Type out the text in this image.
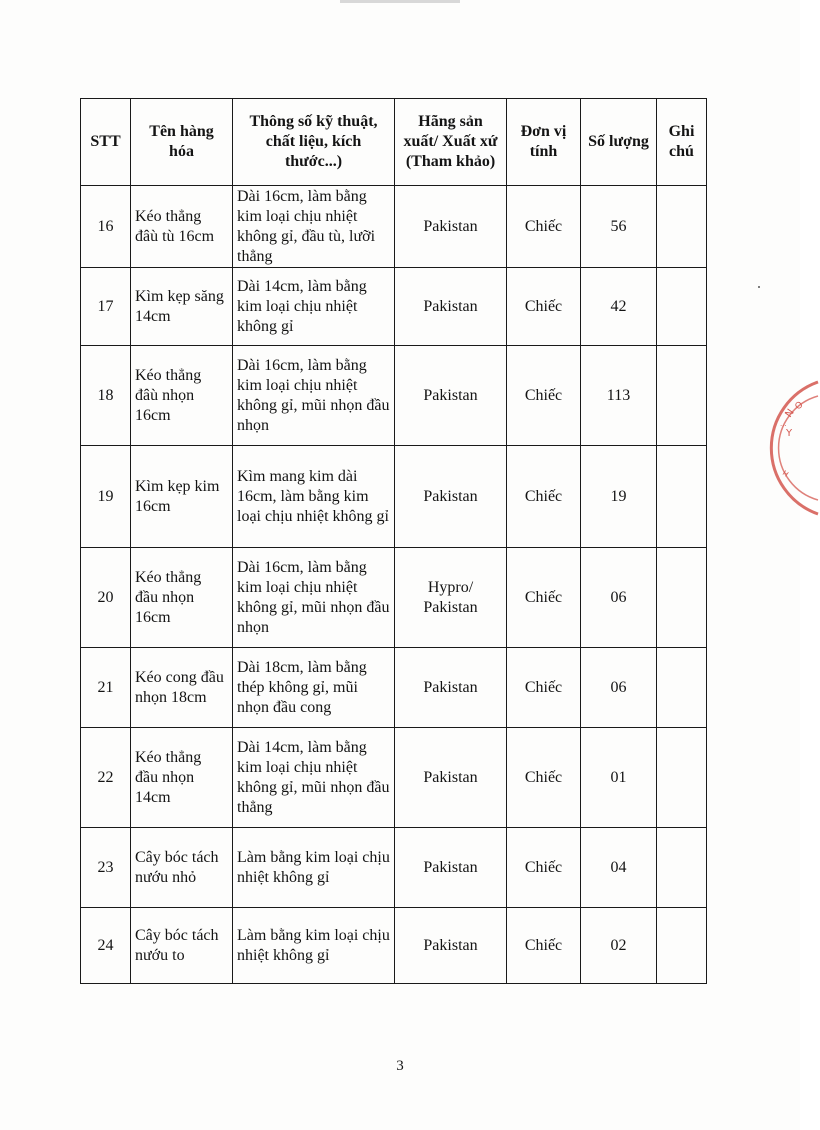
STT	Tên hàng hóa	Thông số kỹ thuật, chất liệu, kích thước...)	Hãng sản xuất/ Xuất xứ (Tham khảo)	Đơn vị tính	Số lượng	Ghi chú
16	Kéo thẳng đâù tù 16cm	Dài 16cm, làm bằng kim loại chịu nhiệt không gỉ, đầu tù, lưỡi thẳng	Pakistan	Chiếc	56	
17	Kìm kẹp săng 14cm	Dài 14cm, làm bằng kim loại chịu nhiệt không gỉ	Pakistan	Chiếc	42	
18	Kéo thẳng đâù nhọn 16cm	Dài 16cm, làm bằng kim loại chịu nhiệt không gỉ, mũi nhọn đầu nhọn	Pakistan	Chiếc	113	
19	Kìm kẹp kim 16cm	Kìm mang kim dài 16cm, làm bằng kim loại chịu nhiệt không gỉ	Pakistan	Chiếc	19	
20	Kéo thẳng đầu nhọn 16cm	Dài 16cm, làm bằng kim loại chịu nhiệt không gỉ, mũi nhọn đầu nhọn	Hypro/ Pakistan	Chiếc	06	
21	Kéo cong đầu nhọn 18cm	Dài 18cm, làm bằng thép không gỉ, mũi nhọn đầu cong	Pakistan	Chiếc	06	
22	Kéo thẳng đầu nhọn 14cm	Dài 14cm, làm bằng kim loại chịu nhiệt không gỉ, mũi nhọn đầu thẳng	Pakistan	Chiếc	01	
23	Cây bóc tách nướu nhỏ	Làm bằng kim loại chịu nhiệt không gỉ	Pakistan	Chiếc	04	
24	Cây bóc tách nướu to	Làm bằng kim loại chịu nhiệt không gỉ	Pakistan	Chiếc	02	
3
N
O
Y
...
H
